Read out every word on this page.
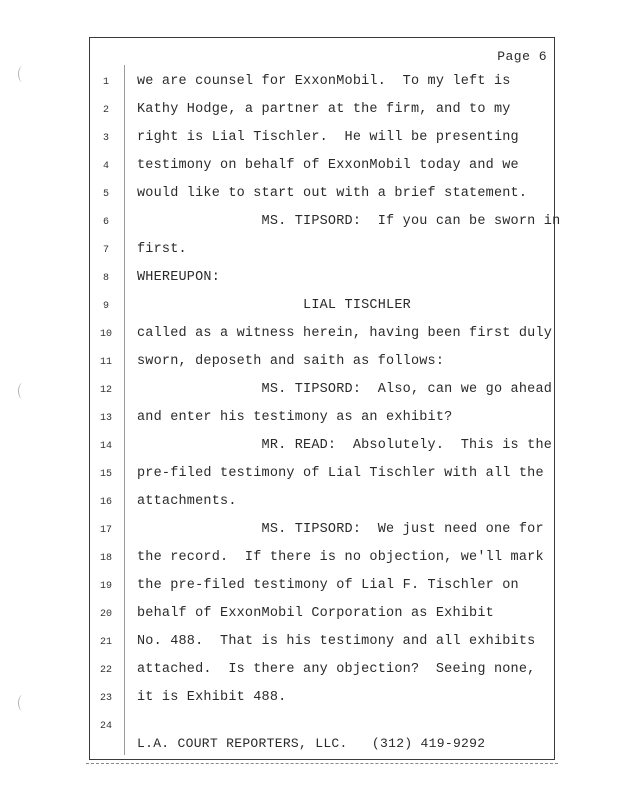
Page 6
1	we are counsel for ExxonMobil.  To my left is
2	Kathy Hodge, a partner at the firm, and to my
3	right is Lial Tischler.  He will be presenting
4	testimony on behalf of ExxonMobil today and we
5	would like to start out with a brief statement.
6	MS. TIPSORD:  If you can be sworn in
7	first.
8	WHEREUPON:
9	LIAL TISCHLER
10	called as a witness herein, having been first duly
11	sworn, deposeth and saith as follows:
12	MS. TIPSORD:  Also, can we go ahead
13	and enter his testimony as an exhibit?
14	MR. READ:  Absolutely.  This is the
15	pre-filed testimony of Lial Tischler with all the
16	attachments.
17	MS. TIPSORD:  We just need one for
18	the record.  If there is no objection, we'll mark
19	the pre-filed testimony of Lial F. Tischler on
20	behalf of ExxonMobil Corporation as Exhibit
21	No. 488.  That is his testimony and all exhibits
22	attached.  Is there any objection?  Seeing none,
23	it is Exhibit 488.
24
L.A. COURT REPORTERS, LLC.   (312) 419-9292
